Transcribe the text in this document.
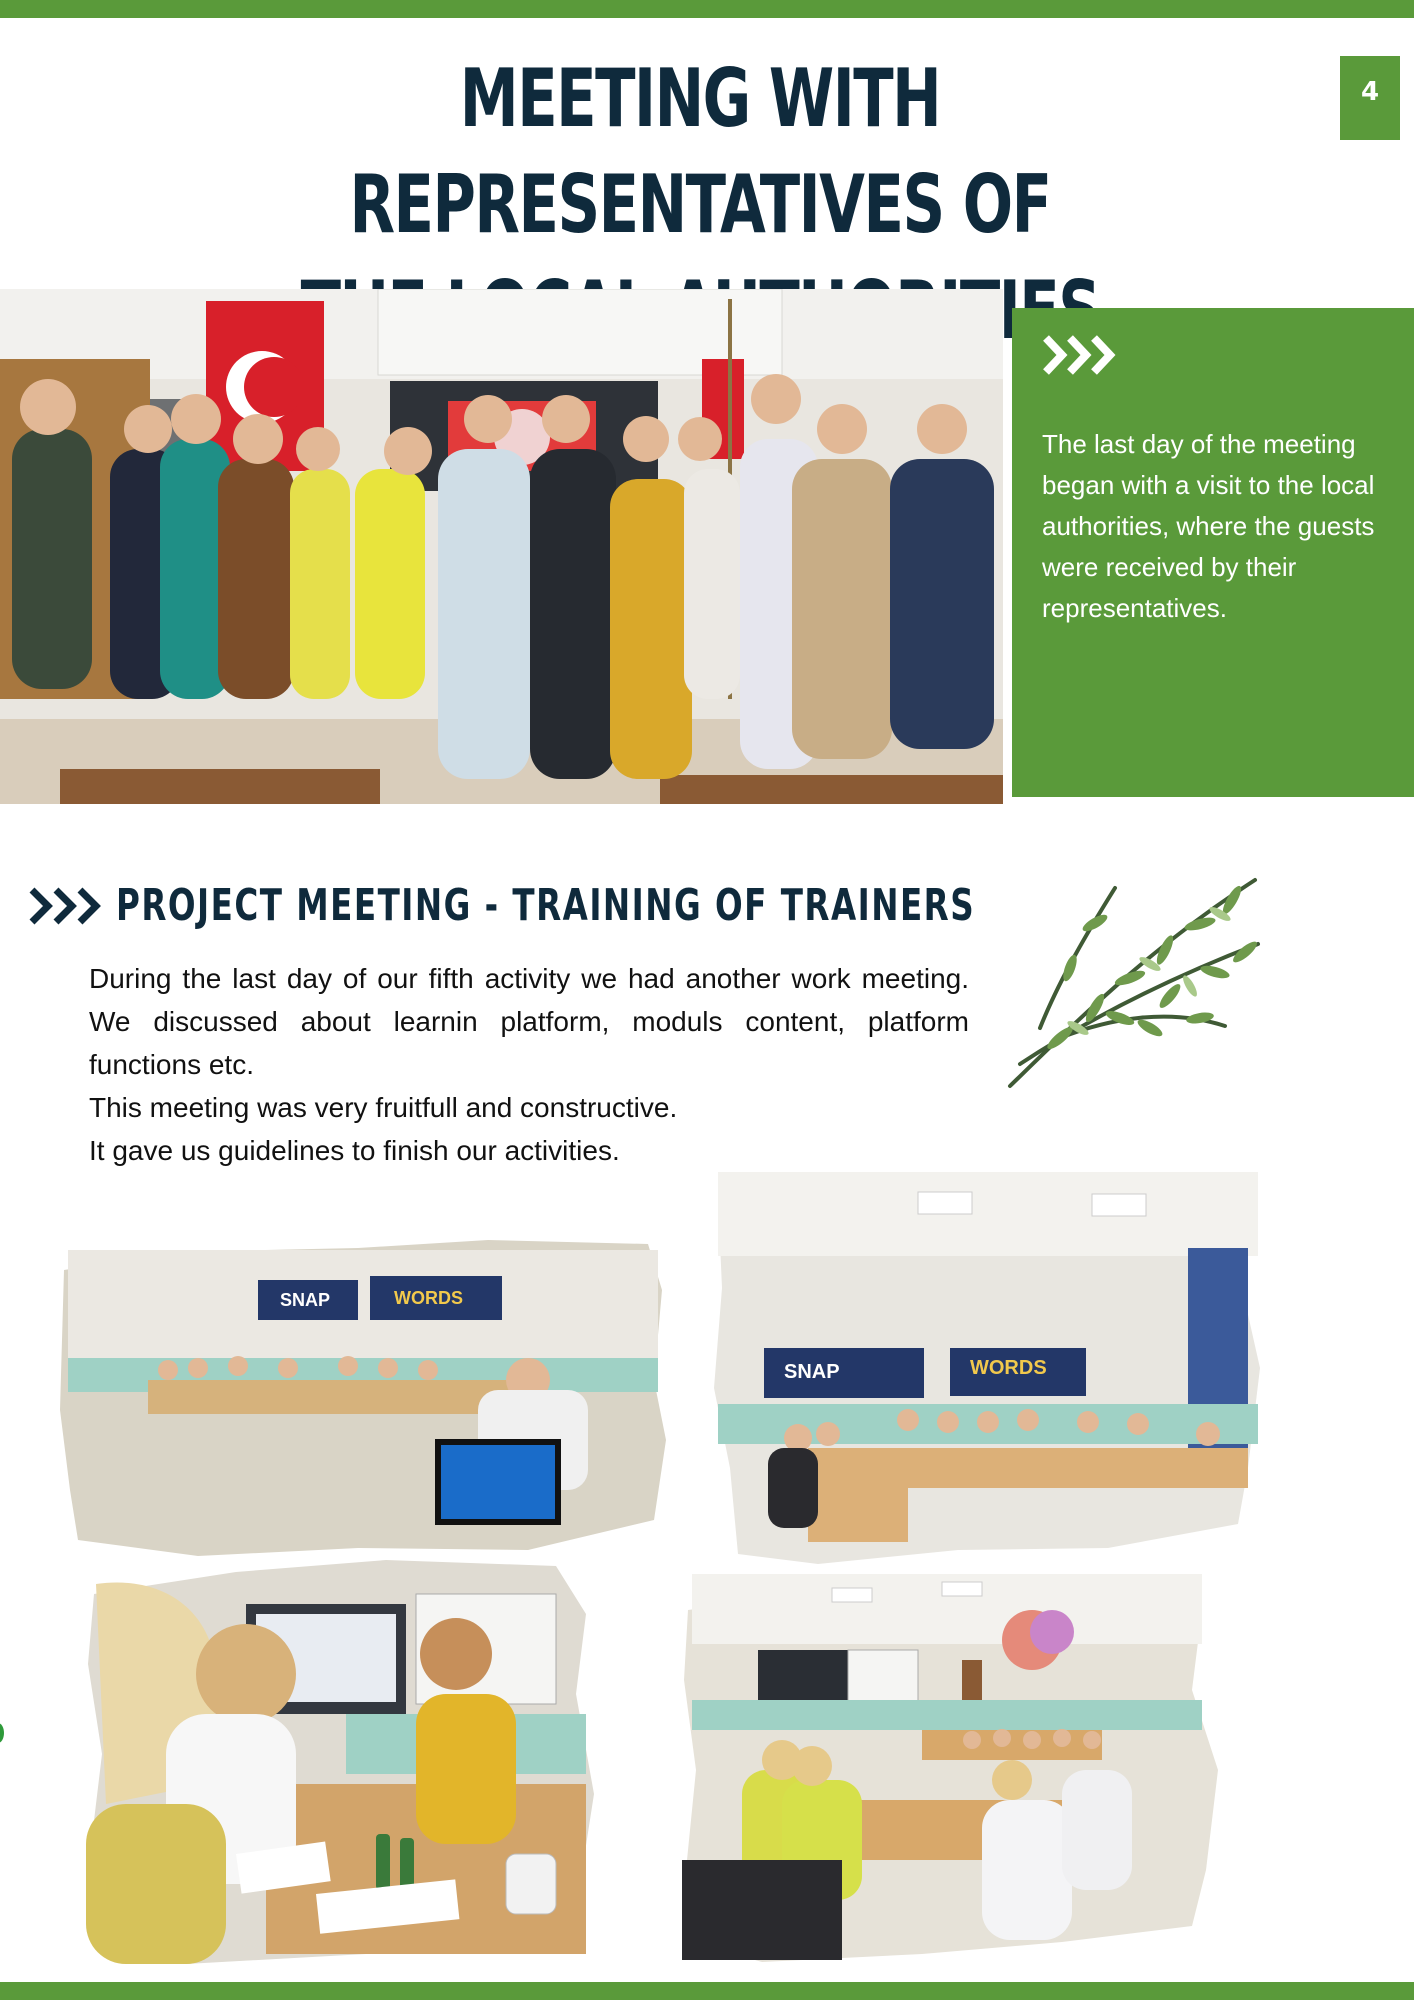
MEETING WITH REPRESENTATIVES OF
4

The last day of the meeting began with a visit to the local authorities, where the guests were received by their representatives.

PROJECT MEETING - TRAINING OF TRAINERS

During the last day of our fifth activity we had another work meeting. We discussed about learnin platform, moduls content, platform functions etc.

This meeting was very fruitfull and constructive.

It gave us guidelines to finish our activities.

SNAP	WORDS
SNAP	WORDS
